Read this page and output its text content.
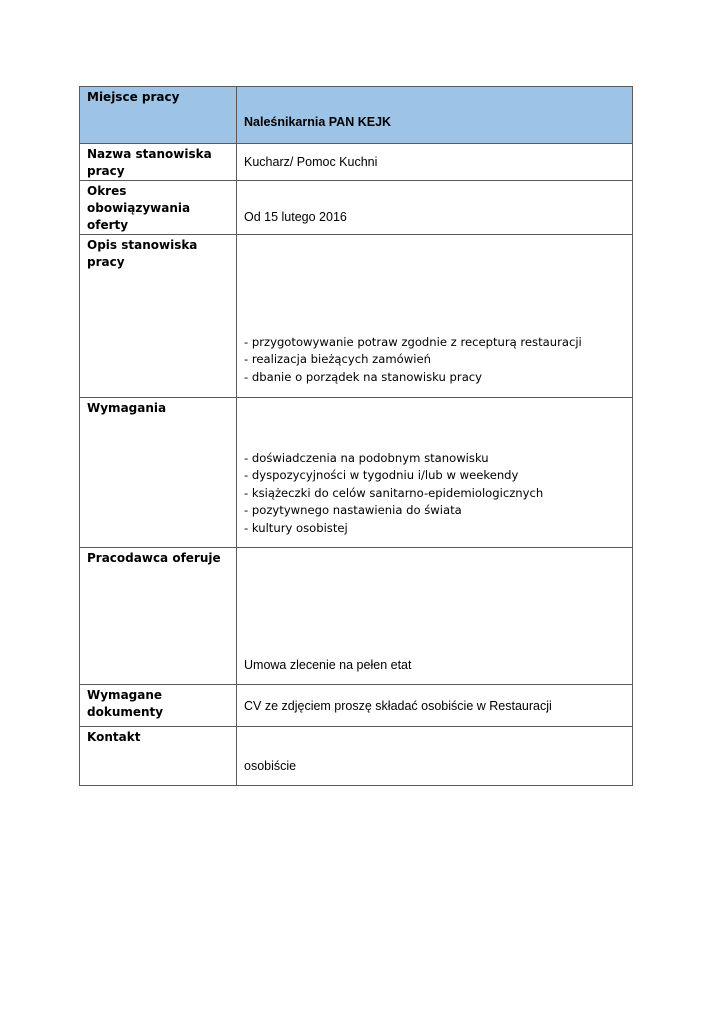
Miejsce pracy	Naleśnikarnia PAN KEJK

Nazwa stanowiska pracy	Kucharz/ Pomoc Kuchni

Okres obowiązywania oferty	Od 15 lutego 2016

Opis stanowiska pracy	- przygotowywanie potraw zgodnie z recepturą restauracji
- realizacja bieżących zamówień
- dbanie o porządek na stanowisku pracy

Wymagania	- doświadczenia na podobnym stanowisku
- dyspozycyjności w tygodniu i/lub w weekendy
- książeczki do celów sanitarno-epidemiologicznych
- pozytywnego nastawienia do świata
- kultury osobistej

Pracodawca oferuje	Umowa zlecenie na pełen etat

Wymagane dokumenty	CV ze zdjęciem proszę składać osobiście w Restauracji

Kontakt	osobiście
